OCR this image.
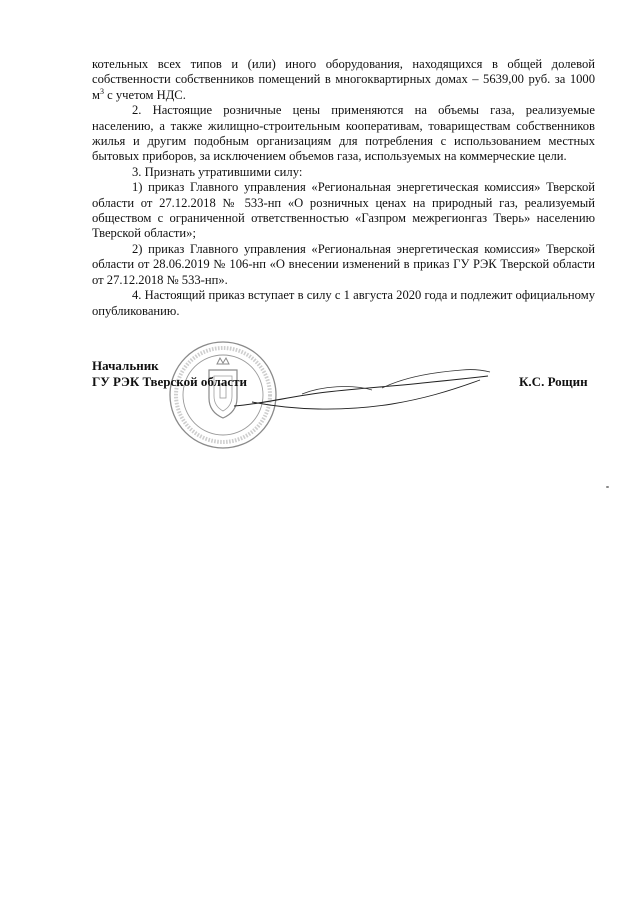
котельных всех типов и (или) иного оборудования, находящихся в общей долевой собственности собственников помещений в многоквартирных домах – 5639,00 руб. за 1000 $м^3$ с учетом НДС.

2. Настоящие розничные цены применяются на объемы газа, реализуемые населению, а также жилищно-строительным кооперативам, товариществам собственников жилья и другим подобным организациям для потребления с использованием местных бытовых приборов, за исключением объемов газа, используемых на коммерческие цели.

3. Признать утратившими силу:

1) приказ Главного управления «Региональная энергетическая комиссия» Тверской области от 27.12.2018 № 533-нп «О розничных ценах на природный газ, реализуемый обществом с ограниченной ответственностью «Газпром межрегионгаз Тверь» населению Тверской области»;

2) приказ Главного управления «Региональная энергетическая комиссия» Тверской области от 28.06.2019 № 106-нп «О внесении изменений в приказ ГУ РЭК Тверской области от 27.12.2018 № 533-нп».

4. Настоящий приказ вступает в силу с 1 августа 2020 года и подлежит официальному опубликованию.

Начальник
ГУ РЭК Тверской области	К.С. Рощин
